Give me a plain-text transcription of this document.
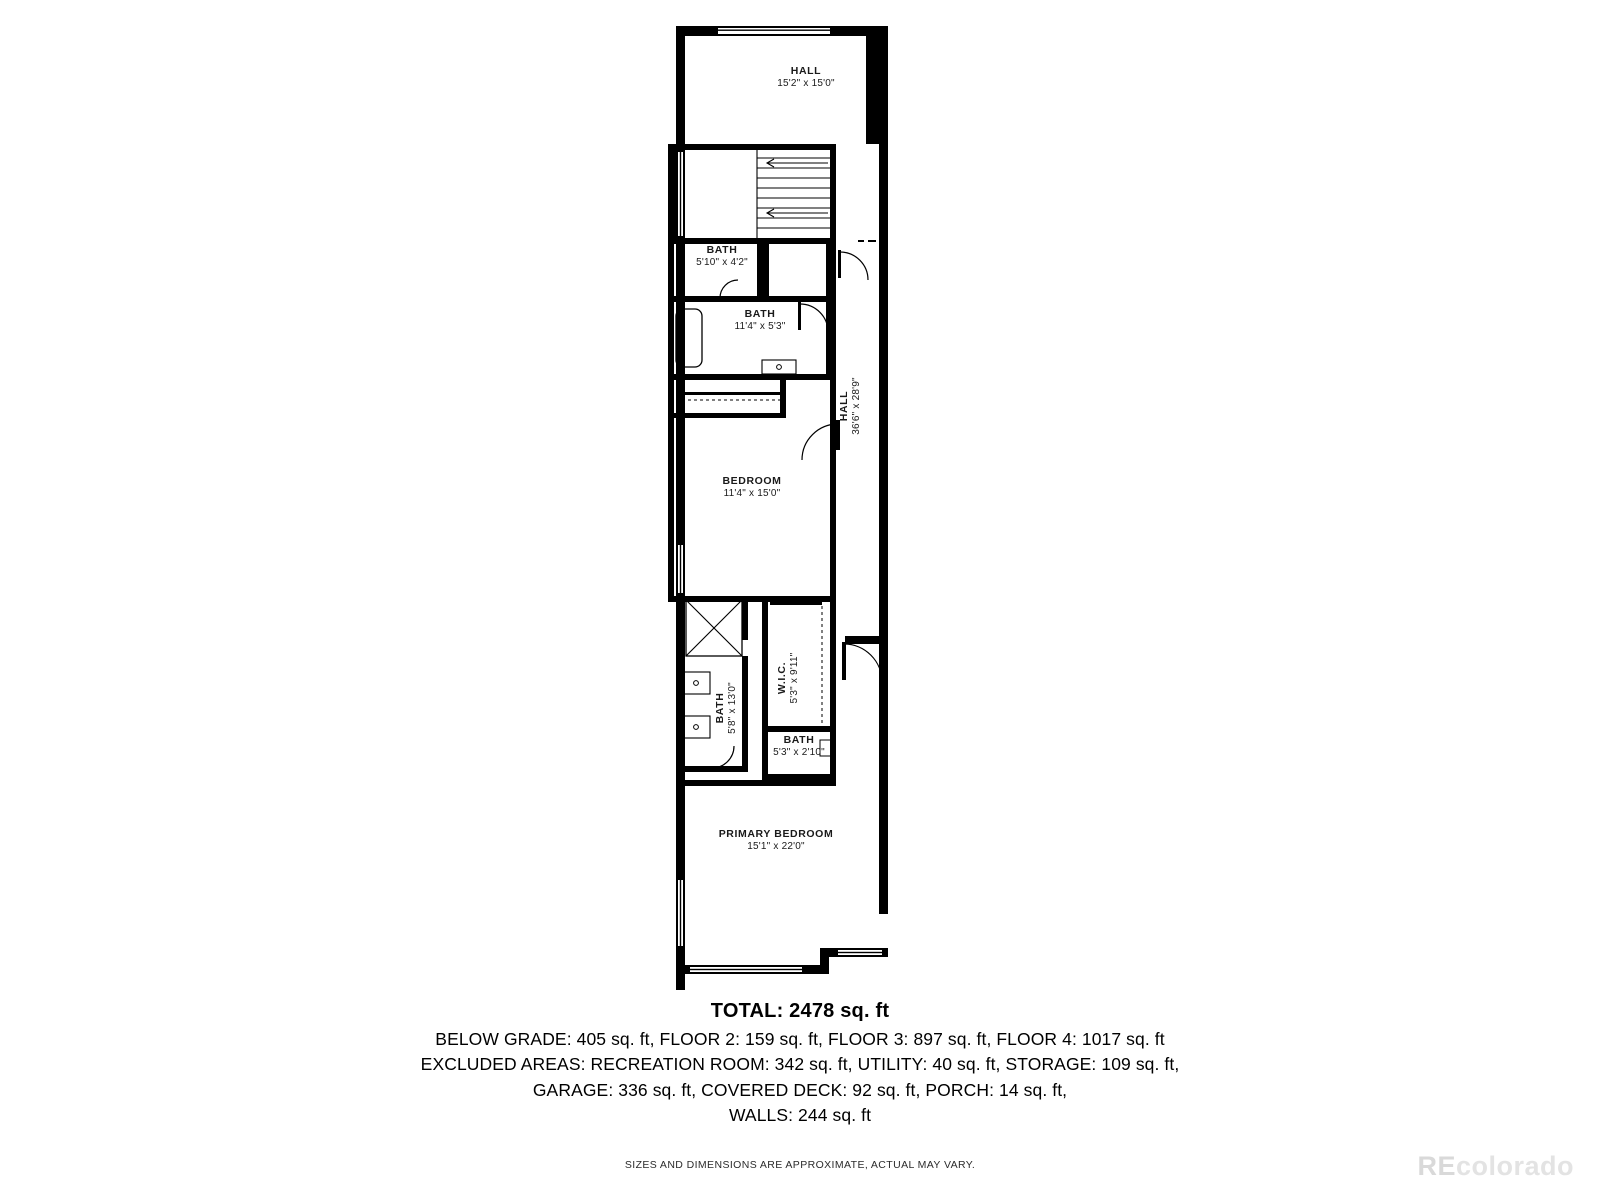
HALL
15'2" x 15'0"
BATH
5'10" x 4'2"
BATH
11'4" x 5'3"
HALL 36'6" x 28'9"
BEDROOM
11'4" x 15'0"
W.I.C. 5'3" x 9'11"
BATH 5'8" x 13'0"
BATH
5'3" x 2'10"
PRIMARY BEDROOM
15'1" x 22'0"
TOTAL: 2478 sq. ft
BELOW GRADE: 405 sq. ft, FLOOR 2: 159 sq. ft, FLOOR 3: 897 sq. ft, FLOOR 4: 1017 sq. ft
EXCLUDED AREAS: RECREATION ROOM: 342 sq. ft, UTILITY: 40 sq. ft, STORAGE: 109 sq. ft,
GARAGE: 336 sq. ft, COVERED DECK: 92 sq. ft, PORCH: 14 sq. ft,
WALLS: 244 sq. ft
SIZES AND DIMENSIONS ARE APPROXIMATE, ACTUAL MAY VARY.	REcolorado
